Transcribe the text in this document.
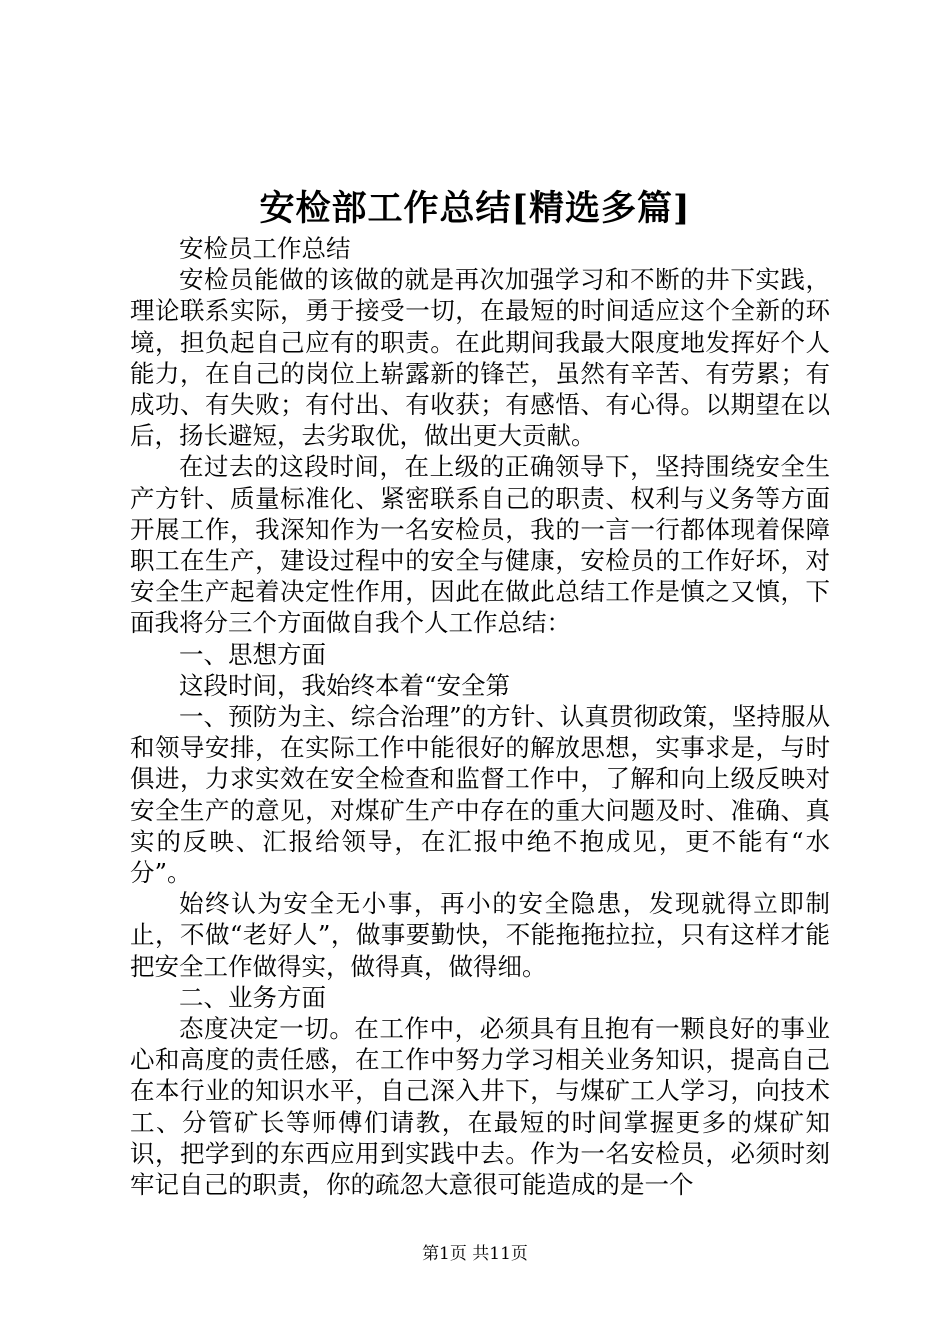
安检部工作总结[精选多篇]

安检员工作总结

安检员能做的该做的就是再次加强学习和不断的井下实践，理论联系实际，勇于接受一切，在最短的时间适应这个全新的环境，担负起自己应有的职责。在此期间我最大限度地发挥好个人能力，在自己的岗位上崭露新的锋芒，虽然有辛苦、有劳累；有成功、有失败；有付出、有收获；有感悟、有心得。以期望在以后，扬长避短，去劣取优，做出更大贡献。

在过去的这段时间，在上级的正确领导下，坚持围绕安全生产方针、质量标准化、紧密联系自己的职责、权利与义务等方面开展工作，我深知作为一名安检员，我的一言一行都体现着保障职工在生产，建设过程中的安全与健康，安检员的工作好坏，对安全生产起着决定性作用，因此在做此总结工作是慎之又慎，下面我将分三个方面做自我个人工作总结：

一、思想方面

这段时间，我始终本着“安全第

一、预防为主、综合治理”的方针、认真贯彻政策，坚持服从和领导安排，在实际工作中能很好的解放思想，实事求是，与时俱进，力求实效在安全检查和监督工作中，了解和向上级反映对安全生产的意见，对煤矿生产中存在的重大问题及时、准确、真实的反映、汇报给领导，在汇报中绝不抱成见，更不能有“水分”。

始终认为安全无小事，再小的安全隐患，发现就得立即制止，不做“老好人”，做事要勤快，不能拖拖拉拉，只有这样才能把安全工作做得实，做得真，做得细。

二、业务方面

态度决定一切。在工作中，必须具有且抱有一颗良好的事业心和高度的责任感，在工作中努力学习相关业务知识，提高自己在本行业的知识水平，自己深入井下，与煤矿工人学习，向技术工、分管矿长等师傅们请教，在最短的时间掌握更多的煤矿知识，把学到的东西应用到实践中去。作为一名安检员，必须时刻牢记自己的职责，你的疏忽大意很可能造成的是一个

第1页 共11页
